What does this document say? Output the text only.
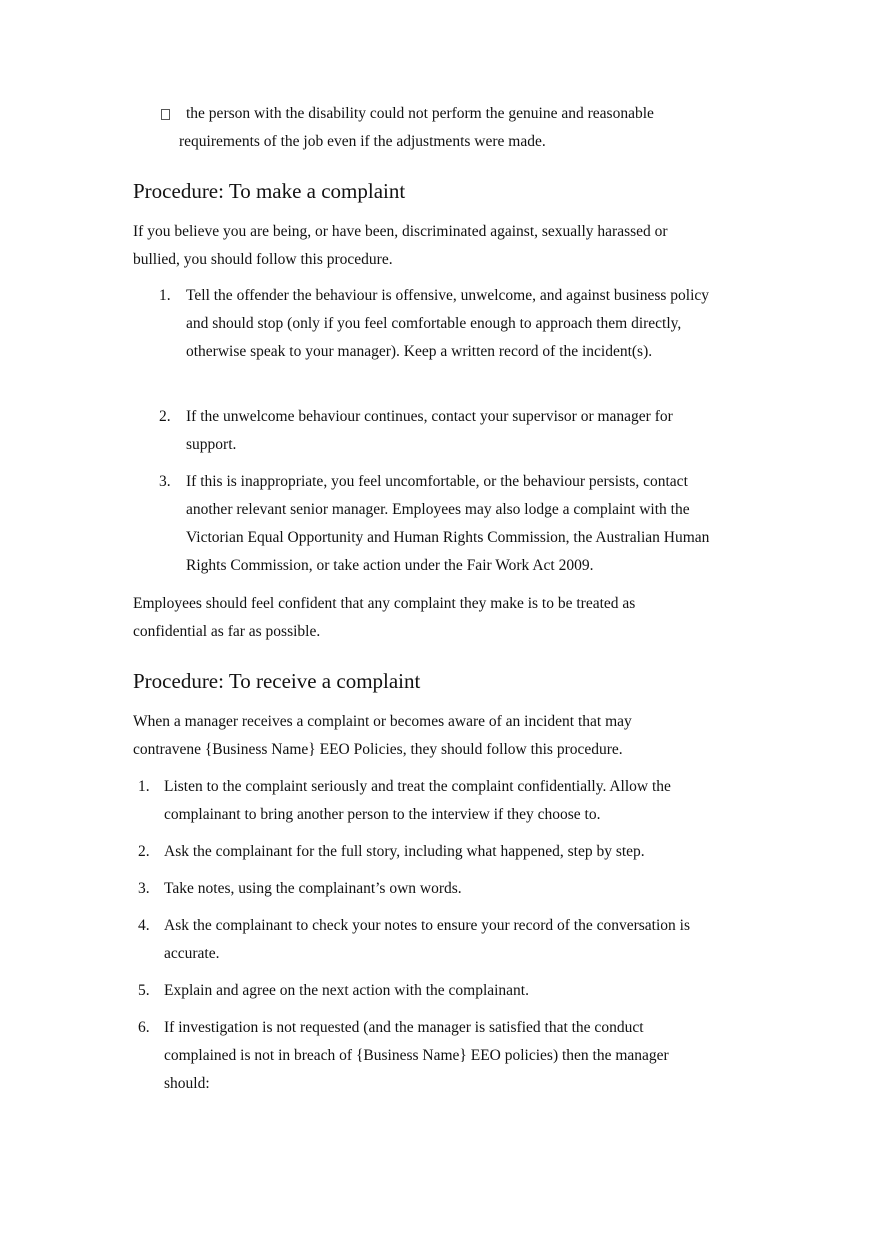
the person with the disability could not perform the genuine and reasonable requirements of the job even if the adjustments were made.

Procedure: To make a complaint

If you believe you are being, or have been, discriminated against, sexually harassed or bullied, you should follow this procedure.

1. Tell the offender the behaviour is offensive, unwelcome, and against business policy and should stop (only if you feel comfortable enough to approach them directly, otherwise speak to your manager). Keep a written record of the incident(s).
2. If the unwelcome behaviour continues, contact your supervisor or manager for support.
3. If this is inappropriate, you feel uncomfortable, or the behaviour persists, contact another relevant senior manager. Employees may also lodge a complaint with the Victorian Equal Opportunity and Human Rights Commission, the Australian Human Rights Commission, or take action under the Fair Work Act 2009.

Employees should feel confident that any complaint they make is to be treated as confidential as far as possible.

Procedure: To receive a complaint

When a manager receives a complaint or becomes aware of an incident that may contravene {Business Name} EEO Policies, they should follow this procedure.

1. Listen to the complaint seriously and treat the complaint confidentially. Allow the complainant to bring another person to the interview if they choose to.
2. Ask the complainant for the full story, including what happened, step by step.
3. Take notes, using the complainant’s own words.
4. Ask the complainant to check your notes to ensure your record of the conversation is accurate.
5. Explain and agree on the next action with the complainant.
6. If investigation is not requested (and the manager is satisfied that the conduct complained is not in breach of {Business Name} EEO policies) then the manager should:
